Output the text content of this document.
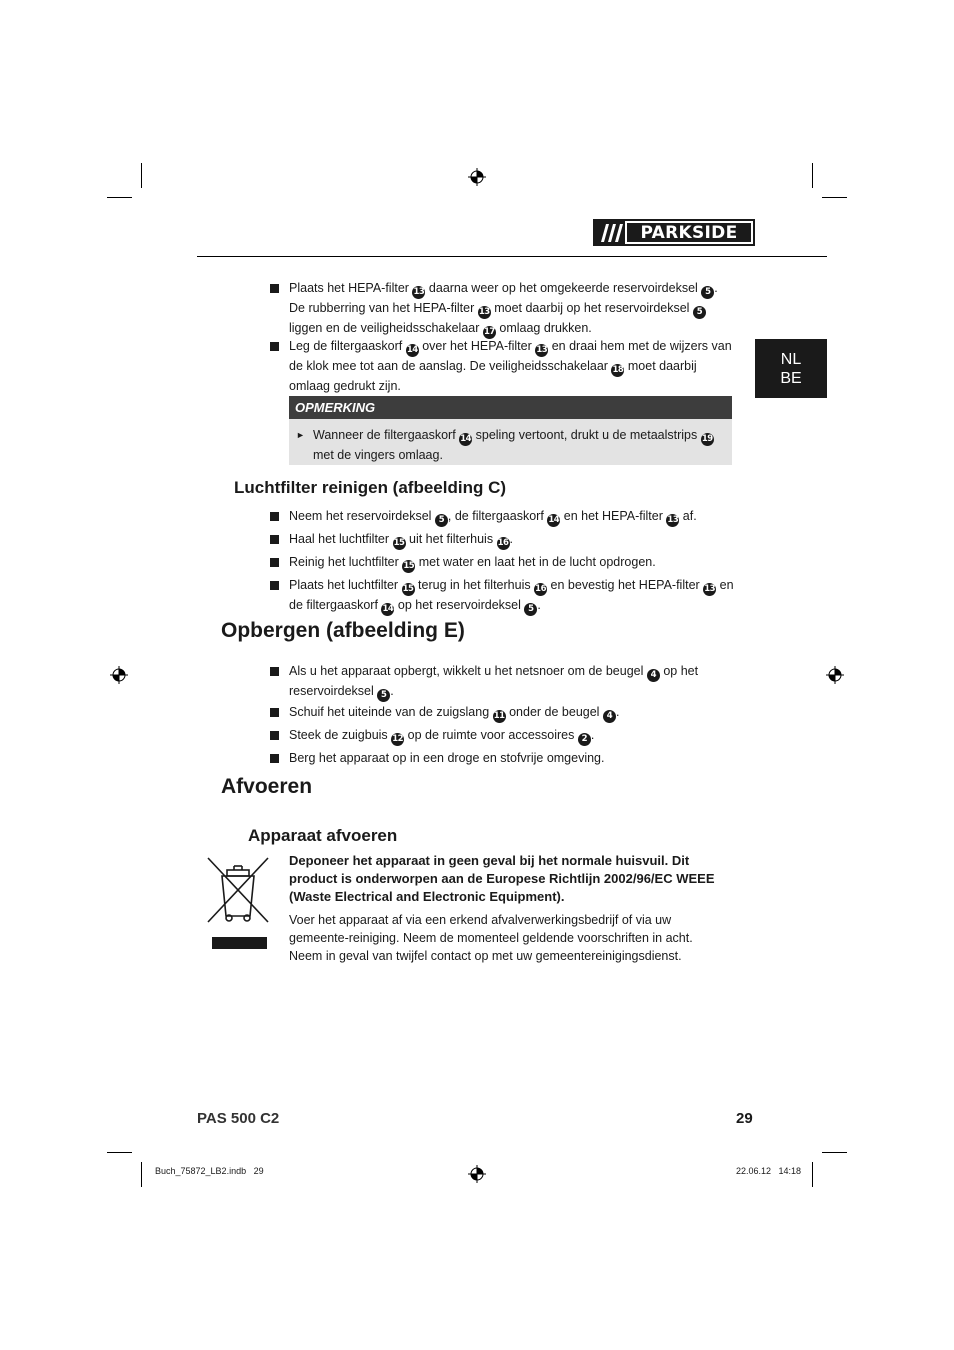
PARKSIDE
NL
BE
Plaats het HEPA-filter 13 daarna weer op het omgekeerde reservoirdeksel 5 . De rubberring van het HEPA-filter 13 moet daarbij op het reservoirdeksel 5 liggen en de veiligheidsschakelaar 17 omlaag drukken.
Leg de filtergaaskorf 14 over het HEPA-filter 13 en draai hem met de wijzers van de klok mee tot aan de aanslag. De veiligheidsschakelaar 18 moet daarbij omlaag gedrukt zijn.
OPMERKING
► Wanneer de filtergaaskorf 14 speling vertoont, drukt u de metaalstrips 19 met de vingers omlaag.
Luchtfilter reinigen (afbeelding C)
Neem het reservoirdeksel 5 , de filtergaaskorf 14 en het HEPA-filter 13 af.
Haal het luchtfilter 15 uit het filterhuis 16.
Reinig het luchtfilter 15 met water en laat het in de lucht opdrogen.
Plaats het luchtfilter 15 terug in het filterhuis 16 en bevestig het HEPA-filter 13 en de filtergaaskorf 14 op het reservoirdeksel 5 .
Opbergen (afbeelding E)
Als u het apparaat opbergt, wikkelt u het netsnoer om de beugel 4 op het reservoirdeksel 5 .
Schuif het uiteinde van de zuigslang 11 onder de beugel 4 .
Steek de zuigbuis 12 op de ruimte voor accessoires 2 .
Berg het apparaat op in een droge en stofvrije omgeving.
Afvoeren
Apparaat afvoeren
Deponeer het apparaat in geen geval bij het normale huisvuil. Dit product is onderworpen aan de Europese Richtlijn 2002/96/EC WEEE (Waste Electrical and Electronic Equipment).
Voer het apparaat af via een erkend afvalverwerkingsbedrijf of via uw gemeente-reiniging. Neem de momenteel geldende voorschriften in acht. Neem in geval van twijfel contact op met uw gemeentereinigingsdienst.
PAS 500 C2	29
Buch_75872_LB2.indb   29	22.06.12   14:18
